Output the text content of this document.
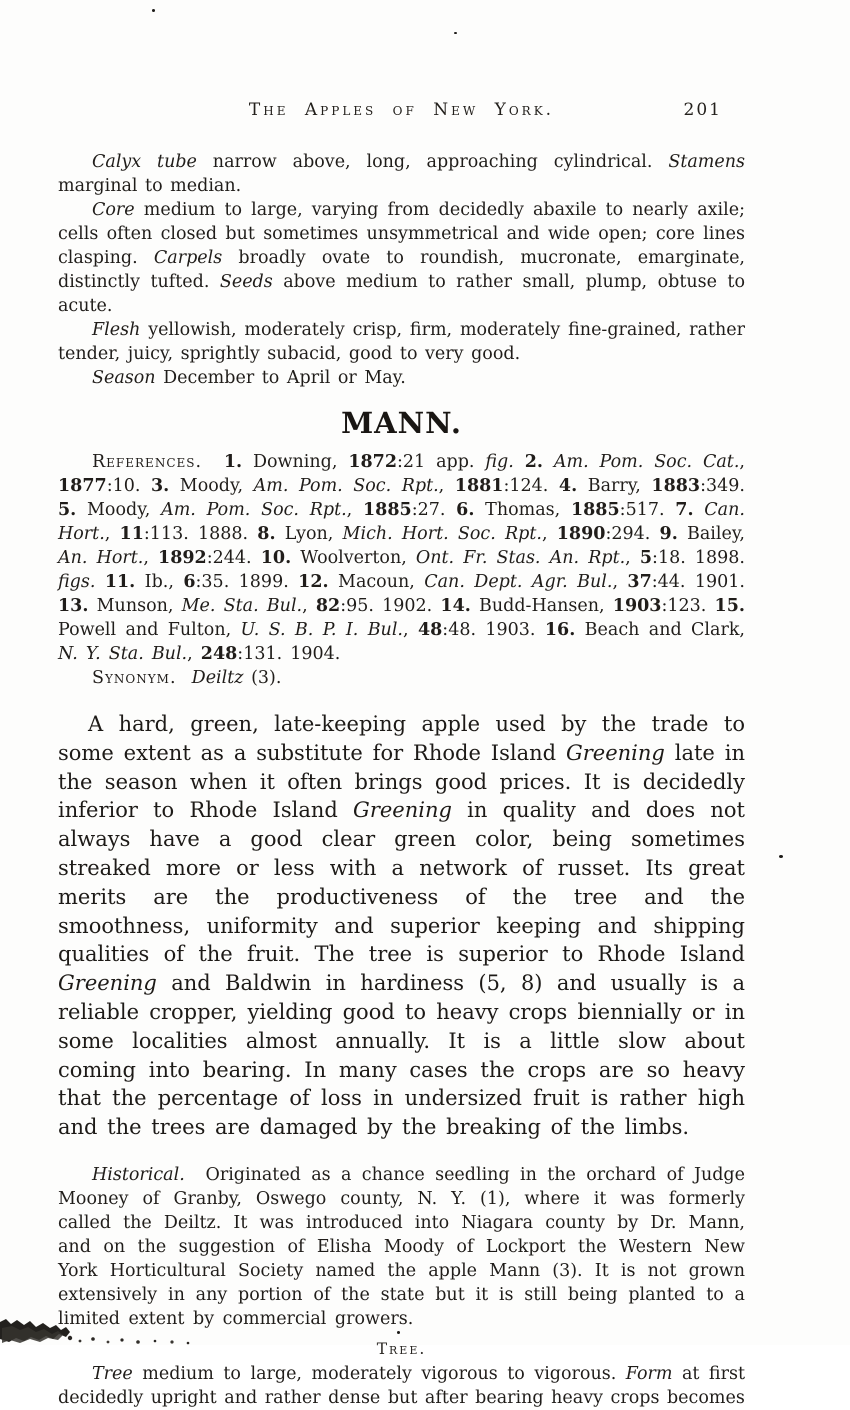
The Apples of New York.	201

Calyx tube narrow above, long, approaching cylindrical. Stamens marginal to median.

Core medium to large, varying from decidedly abaxile to nearly axile; cells often closed but sometimes unsymmetrical and wide open; core lines clasping. Carpels broadly ovate to roundish, mucronate, emarginate, distinctly tufted. Seeds above medium to rather small, plump, obtuse to acute.

Flesh yellowish, moderately crisp, firm, moderately fine-grained, rather tender, juicy, sprightly subacid, good to very good.

Season December to April or May.

MANN.

References. 1. Downing, 1872:21 app. fig. 2. Am. Pom. Soc. Cat., 1877:10. 3. Moody, Am. Pom. Soc. Rpt., 1881:124. 4. Barry, 1883:349. 5. Moody, Am. Pom. Soc. Rpt., 1885:27. 6. Thomas, 1885:517. 7. Can. Hort., 11:113. 1888. 8. Lyon, Mich. Hort. Soc. Rpt., 1890:294. 9. Bailey, An. Hort., 1892:244. 10. Woolverton, Ont. Fr. Stas. An. Rpt., 5:18. 1898. figs. 11. Ib., 6:35. 1899. 12. Macoun, Can. Dept. Agr. Bul., 37:44. 1901. 13. Munson, Me. Sta. Bul., 82:95. 1902. 14. Budd-Hansen, 1903:123. 15. Powell and Fulton, U. S. B. P. I. Bul., 48:48. 1903. 16. Beach and Clark, N. Y. Sta. Bul., 248:131. 1904.

Synonym. Deiltz (3).

A hard, green, late-keeping apple used by the trade to some extent as a substitute for Rhode Island Greening late in the season when it often brings good prices. It is decidedly inferior to Rhode Island Greening in quality and does not always have a good clear green color, being sometimes streaked more or less with a network of russet. Its great merits are the productiveness of the tree and the smoothness, uniformity and superior keeping and shipping qualities of the fruit. The tree is superior to Rhode Island Greening and Baldwin in hardiness (5, 8) and usually is a reliable cropper, yielding good to heavy crops biennially or in some localities almost annually. It is a little slow about coming into bearing. In many cases the crops are so heavy that the percentage of loss in undersized fruit is rather high and the trees are damaged by the breaking of the limbs.

Historical. Originated as a chance seedling in the orchard of Judge Mooney of Granby, Oswego county, N. Y. (1), where it was formerly called the Deiltz. It was introduced into Niagara county by Dr. Mann, and on the suggestion of Elisha Moody of Lockport the Western New York Horticultural Society named the apple Mann (3). It is not grown extensively in any portion of the state but it is still being planted to a limited extent by commercial growers.

Tree.

Tree medium to large, moderately vigorous to vigorous. Form at first decidedly upright and rather dense but after bearing heavy crops becomes
